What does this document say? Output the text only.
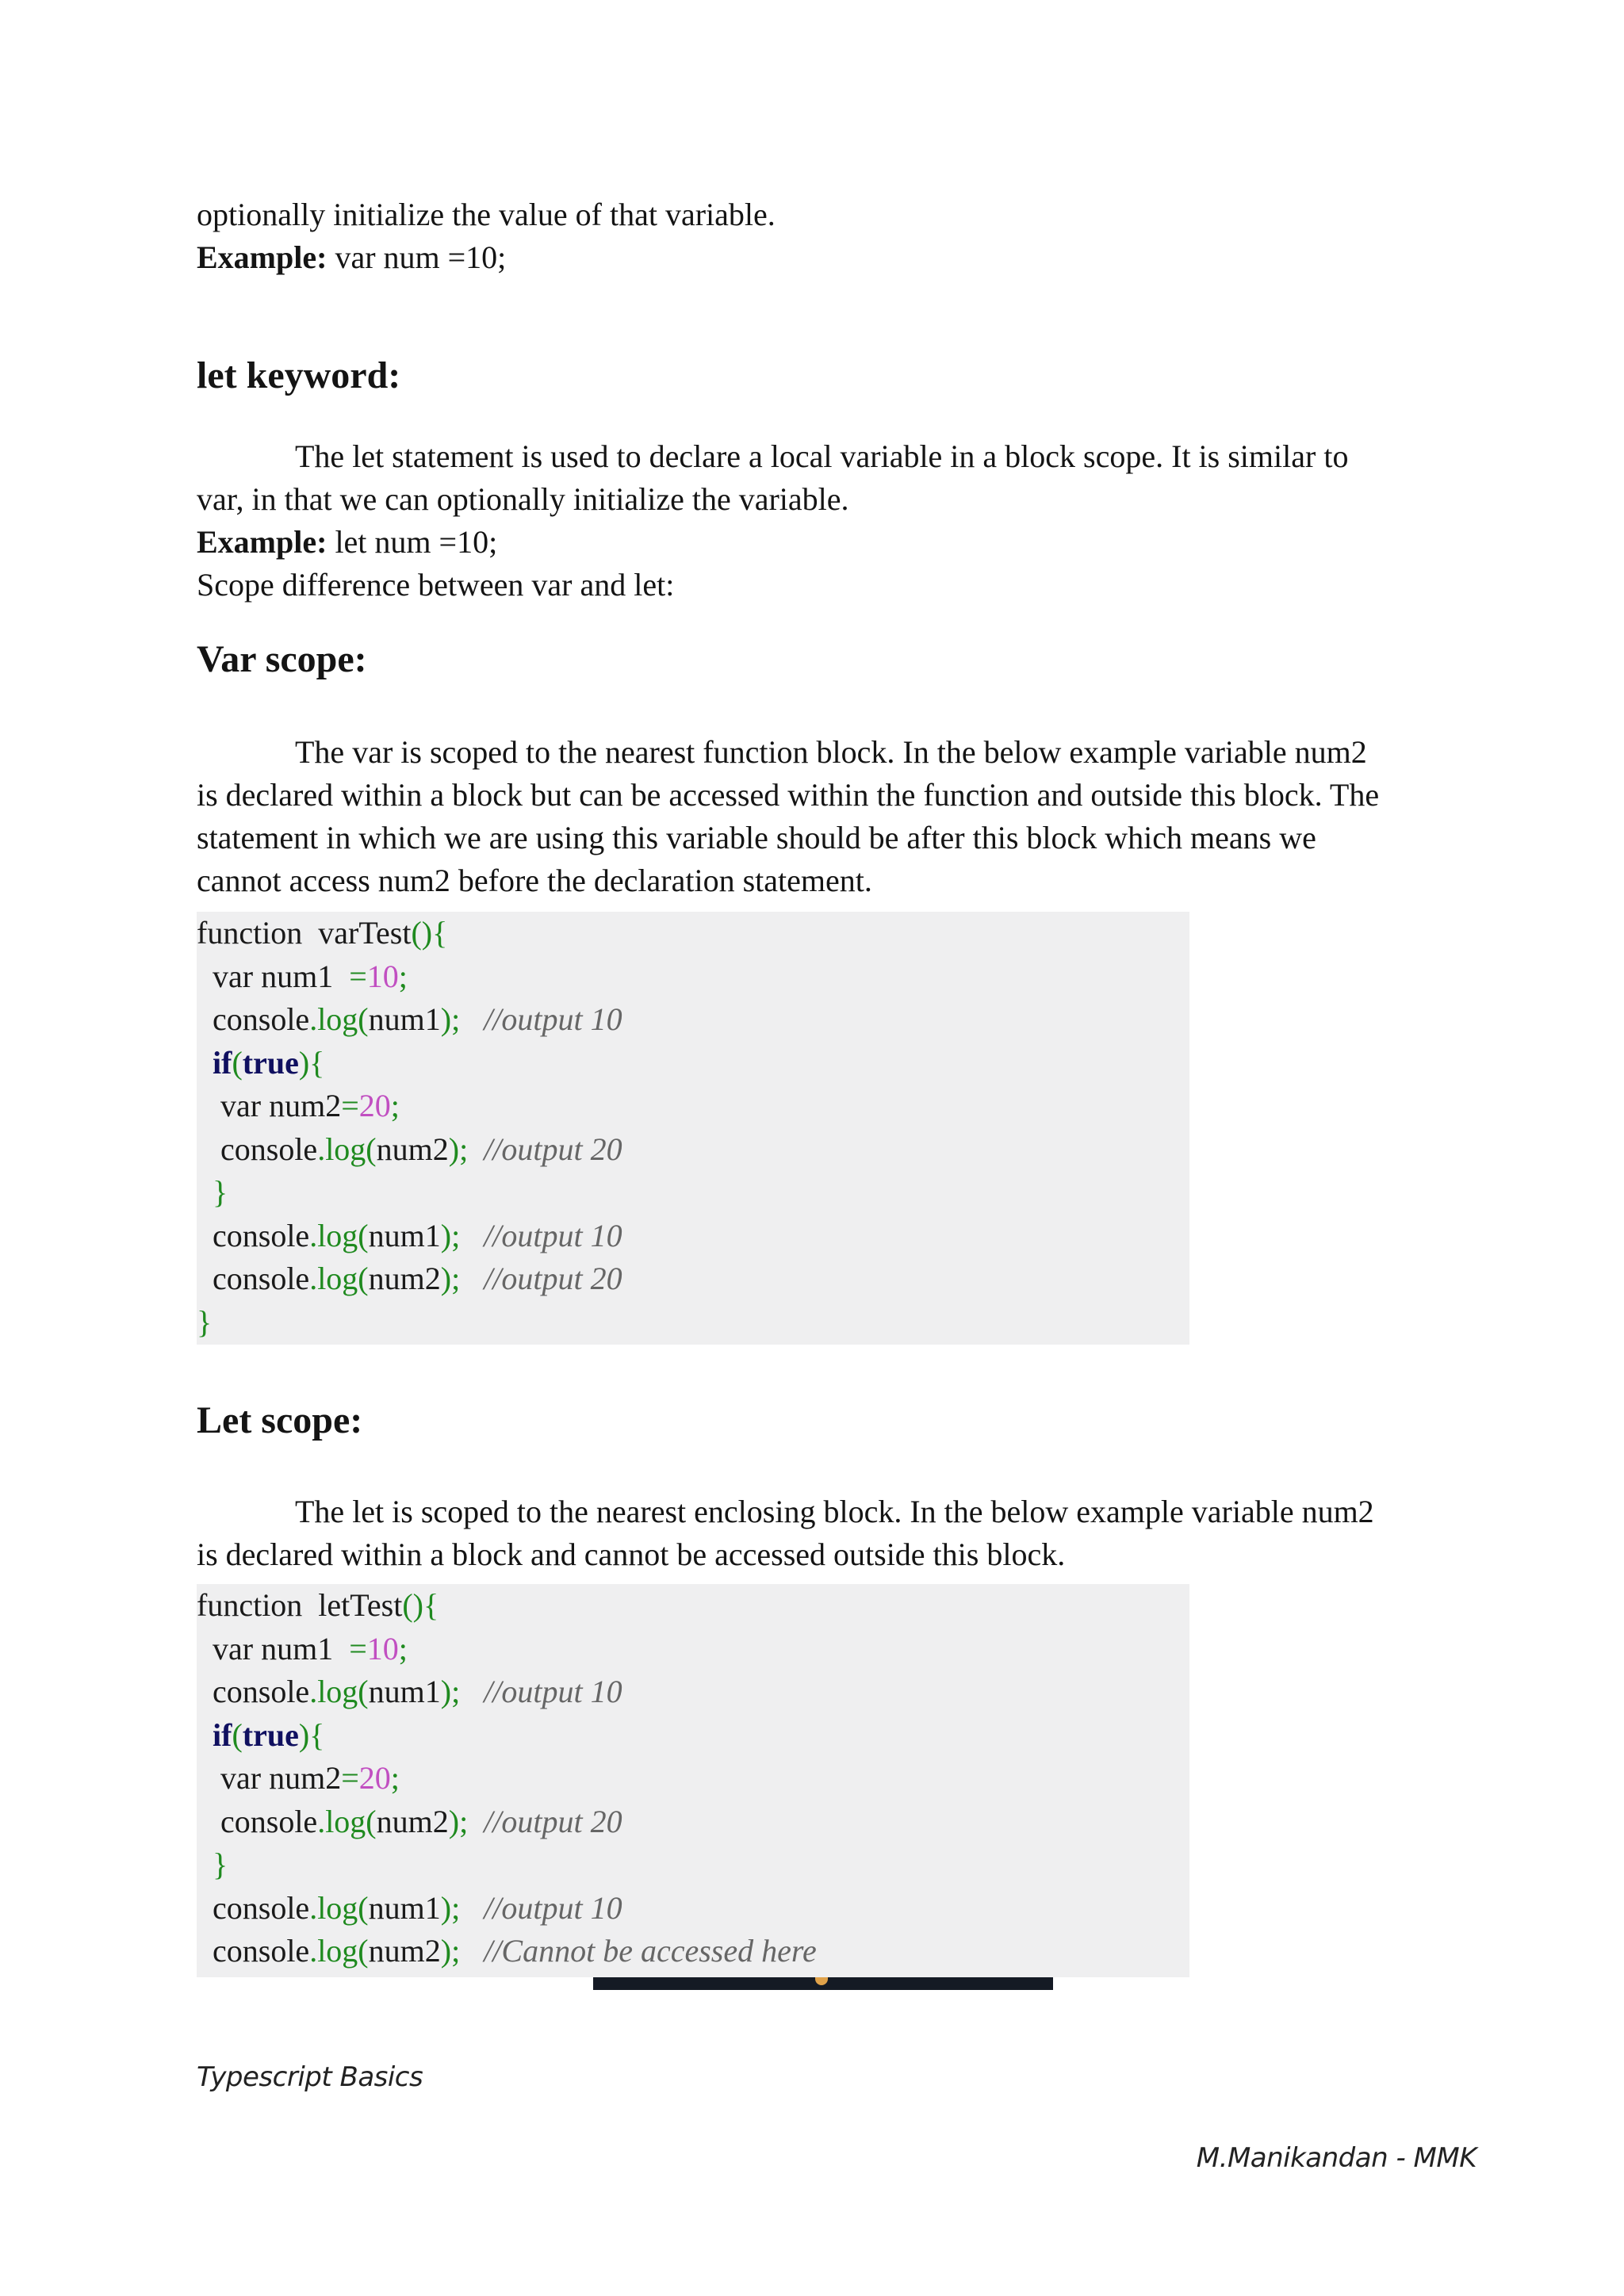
optionally initialize the value of that variable.
Example: var num =10;
let keyword:
The let statement is used to declare a local variable in a block scope. It is similar to
var, in that we can optionally initialize the variable.
Example: let num =10;
Scope difference between var and let:
Var scope:
The var is scoped to the nearest function block. In the below example variable num2
is declared within a block but can be accessed within the function and outside this block. The
statement in which we are using this variable should be after this block which means we
cannot access num2 before the declaration statement.
function  varTest(){
var num1  =10;
console.log(num1);   //output 10
if(true){
var num2=20;
console.log(num2);  //output 20
}
console.log(num1);   //output 10
console.log(num2);   //output 20
}
Let scope:
The let is scoped to the nearest enclosing block. In the below example variable num2
is declared within a block and cannot be accessed outside this block.
function  letTest(){
var num1  =10;
console.log(num1);   //output 10
if(true){
var num2=20;
console.log(num2);  //output 20
}
console.log(num1);   //output 10
console.log(num2);   //Cannot be accessed here
Typescript Basics
M.Manikandan - MMK
